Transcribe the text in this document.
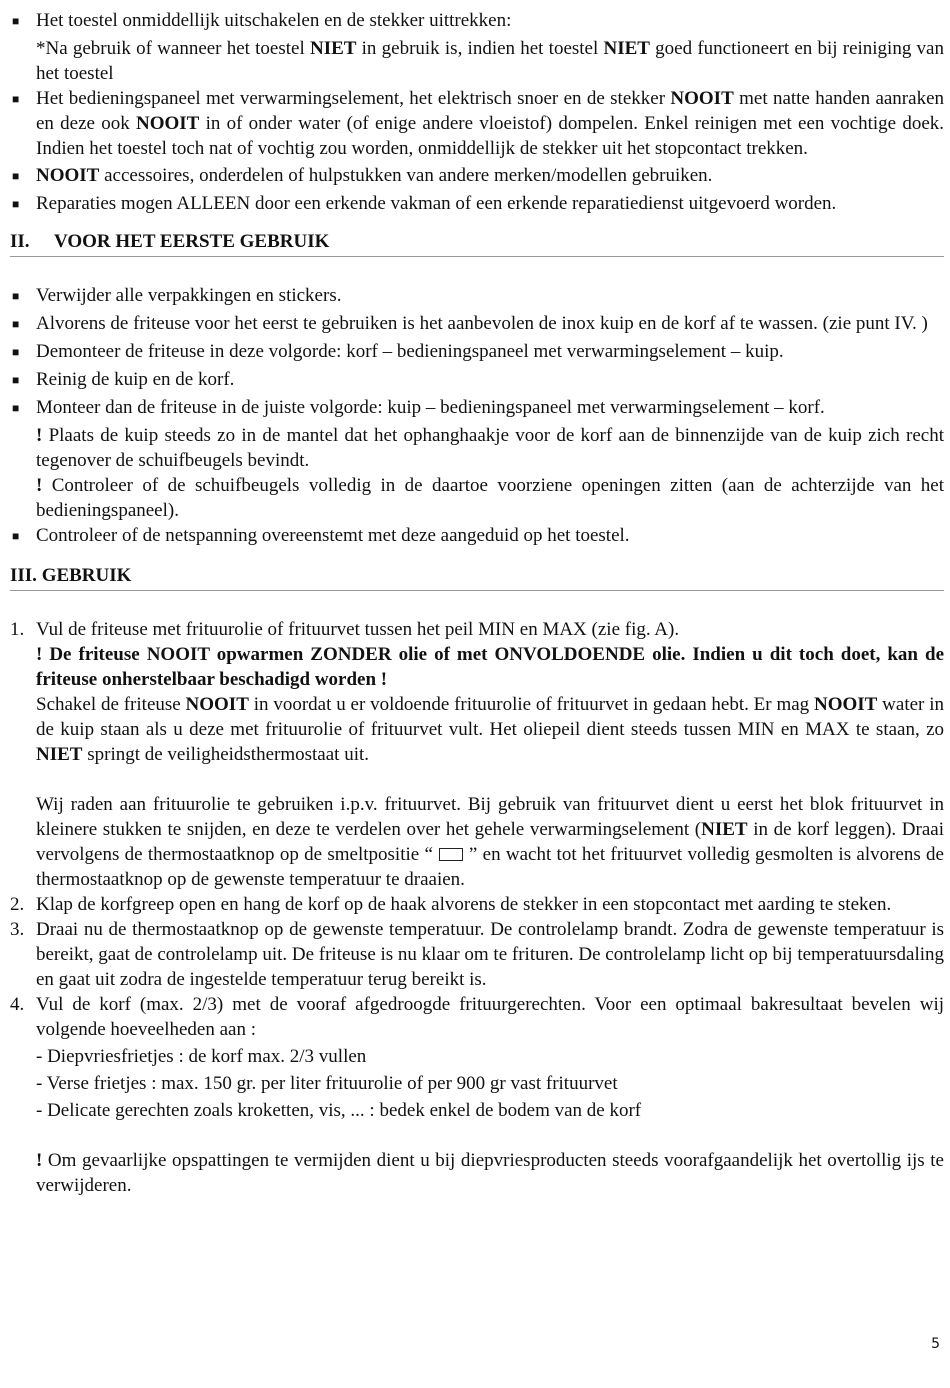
■ Het toestel onmiddellijk uitschakelen en de stekker uittrekken:
*Na gebruik of wanneer het toestel NIET in gebruik is, indien het toestel NIET goed functioneert en bij reiniging van het toestel
■ Het bedieningspaneel met verwarmingselement, het elektrisch snoer en de stekker NOOIT met natte handen aanraken en deze ook NOOIT in of onder water (of enige andere vloeistof) dompelen. Enkel reinigen met een vochtige doek. Indien het toestel toch nat of vochtig zou worden, onmiddellijk de stekker uit het stopcontact trekken.
■ NOOIT accessoires, onderdelen of hulpstukken van andere merken/modellen gebruiken.
■ Reparaties mogen ALLEEN door een erkende vakman of een erkende reparatiedienst uitgevoerd worden.
II. VOOR HET EERSTE GEBRUIK
■ Verwijder alle verpakkingen en stickers.
■ Alvorens de friteuse voor het eerst te gebruiken is het aanbevolen de inox kuip en de korf af te wassen. (zie punt IV. )
■ Demonteer de friteuse in deze volgorde: korf – bedieningspaneel met verwarmingselement – kuip.
■ Reinig de kuip en de korf.
■ Monteer dan de friteuse in de juiste volgorde: kuip – bedieningspaneel met verwarmingselement – korf.
! Plaats de kuip steeds zo in de mantel dat het ophanghaakje voor de korf aan de binnenzijde van de kuip zich recht tegenover de schuifbeugels bevindt.
! Controleer of de schuifbeugels volledig in de daartoe voorziene openingen zitten (aan de achterzijde van het bedieningspaneel).
■ Controleer of de netspanning overeenstemt met deze aangeduid op het toestel.
III. GEBRUIK
1. Vul de friteuse met frituurolie of frituurvet tussen het peil MIN en MAX (zie fig. A).
! De friteuse NOOIT opwarmen ZONDER olie of met ONVOLDOENDE olie. Indien u dit toch doet, kan de friteuse onherstelbaar beschadigd worden !
Schakel de friteuse NOOIT in voordat u er voldoende frituurolie of frituurvet in gedaan hebt. Er mag NOOIT water in de kuip staan als u deze met frituurolie of frituurvet vult. Het oliepeil dient steeds tussen MIN en MAX te staan, zo NIET springt de veiligheidsthermostaat uit.
Wij raden aan frituurolie te gebruiken i.p.v. frituurvet. Bij gebruik van frituurvet dient u eerst het blok frituurvet in kleinere stukken te snijden, en deze te verdelen over het gehele verwarmingselement (NIET in de korf leggen). Draai vervolgens de thermostaatknop op de smeltpositie “ ” en wacht tot het frituurvet volledig gesmolten is alvorens de thermostaatknop op de gewenste temperatuur te draaien.
2. Klap de korfgreep open en hang de korf op de haak alvorens de stekker in een stopcontact met aarding te steken.
3. Draai nu de thermostaatknop op de gewenste temperatuur. De controlelamp brandt. Zodra de gewenste temperatuur is bereikt, gaat de controlelamp uit. De friteuse is nu klaar om te frituren. De controlelamp licht op bij temperatuursdaling en gaat uit zodra de ingestelde temperatuur terug bereikt is.
4. Vul de korf (max. 2/3) met de vooraf afgedroogde frituurgerechten. Voor een optimaal bakresultaat bevelen wij volgende hoeveelheden aan :
- Diepvriesfrietjes : de korf max. 2/3 vullen
- Verse frietjes : max. 150 gr. per liter frituurolie of per 900 gr vast frituurvet
- Delicate gerechten zoals kroketten, vis, ... : bedek enkel de bodem van de korf
! Om gevaarlijke opspattingen te vermijden dient u bij diepvriesproducten steeds voorafgaandelijk het overtollig ijs te verwijderen.
5
